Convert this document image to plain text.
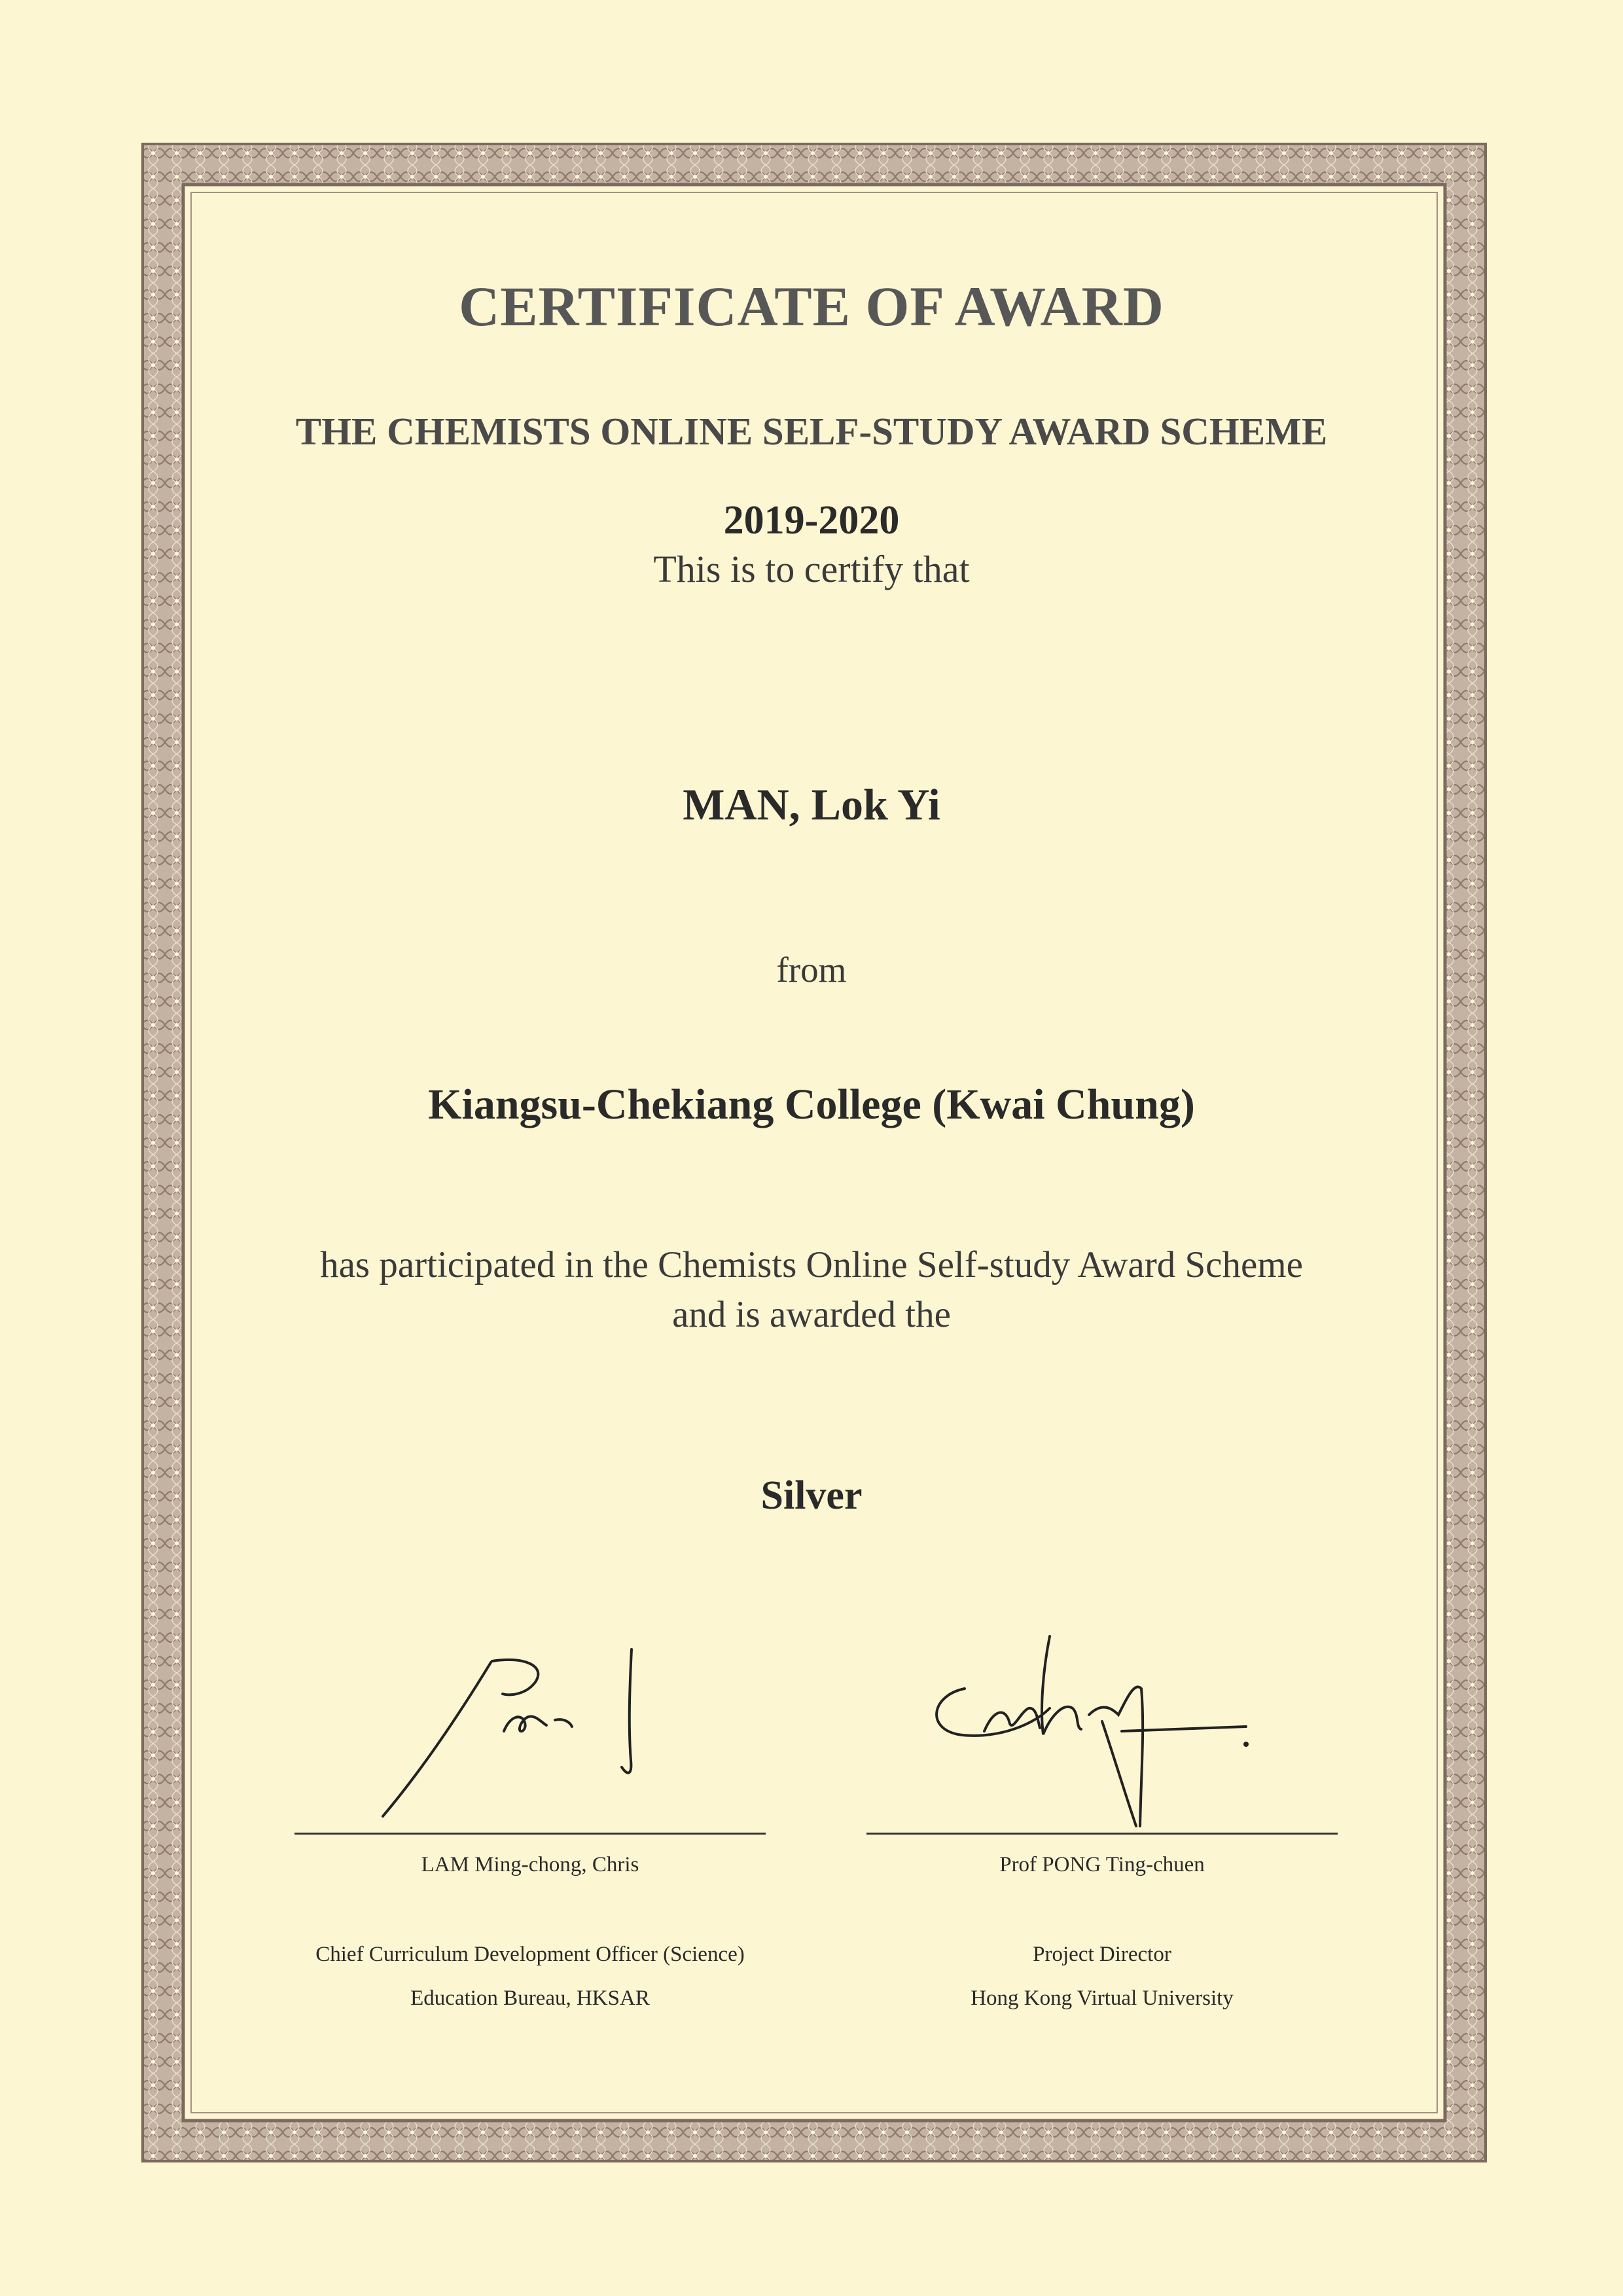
CERTIFICATE OF AWARD

THE CHEMISTS ONLINE SELF-STUDY AWARD SCHEME

2019-2020

This is to certify that

MAN, Lok Yi

from

Kiangsu-Chekiang College (Kwai Chung)

has participated in the Chemists Online Self-study Award Scheme

and is awarded the

Silver

LAM Ming-chong, Chris
Chief Curriculum Development Officer (Science)
Education Bureau, HKSAR
Prof PONG Ting-chuen
Project Director
Hong Kong Virtual University
